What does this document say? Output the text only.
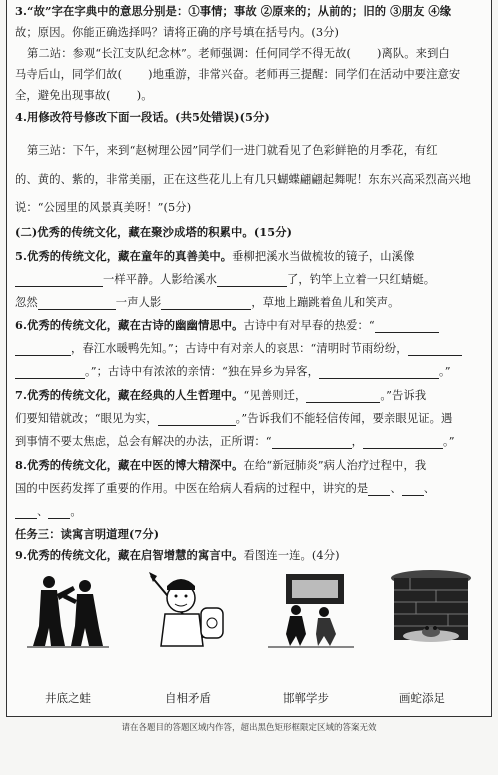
3.“故”字在字典中的意思分别是：①事情；事故 ②原来的；从前的；旧的 ③朋友 ④缘
故；原因。你能正确选择吗？请将正确的序号填在括号内。(3分)
第二站：参观“长江支队纪念林”。老师强调：任何同学不得无故( )离队。来到白
马寺后山，同学们故( )地重游，非常兴奋。老师再三提醒：同学们在活动中要注意安
全，避免出现事故( )。
4.用修改符号修改下面一段话。(共5处错误)(5分)
第三站：下午，来到“赵树理公园”同学们一进门就看见了色彩鲜艳的月季花，有红
的、黄的、紫的，非常美丽，正在这些花儿上有几只蝴蝶翩翩起舞呢！东东兴高采烈高兴地
说：“公园里的风景真美呀！”(5分)
(二)优秀的传统文化，藏在聚沙成塔的积累中。(15分)
5.优秀的传统文化，藏在童年的真善美中。垂柳把溪水当做梳妆的镜子，山溪像
一样平静。人影给溪水	了，钓竿上立着一只红蜻蜓。
忽然	一声人影	，草地上蹦跳着鱼儿和笑声。
6.优秀的传统文化，藏在古诗的幽幽情思中。古诗中有对早春的热爱：“
，春江水暖鸭先知。”；古诗中有对亲人的哀思：“清明时节雨纷纷，
。”；古诗中有浓浓的亲情：“独在异乡为异客，	。”
7.优秀的传统文化，藏在经典的人生哲理中。“见善则迁，	。”告诉我
们要知错就改；“眼见为实，	。”告诉我们不能轻信传闻，要亲眼见证。遇
到事情不要太焦虑，总会有解决的办法，正所谓：“	，	。”
8.优秀的传统文化，藏在中医的博大精深中。在给“新冠肺炎”病人治疗过程中，我
国的中医药发挥了重要的作用。中医在给病人看病的过程中，讲究的是 、 、
、 。
任务三：读寓言明道理(7分)
9.优秀的传统文化，藏在启智增慧的寓言中。看图连一连。(4分)
井底之蛙	自相矛盾	邯郸学步	画蛇添足
请在各题目的答题区域内作答，超出黑色矩形框限定区域的答案无效
